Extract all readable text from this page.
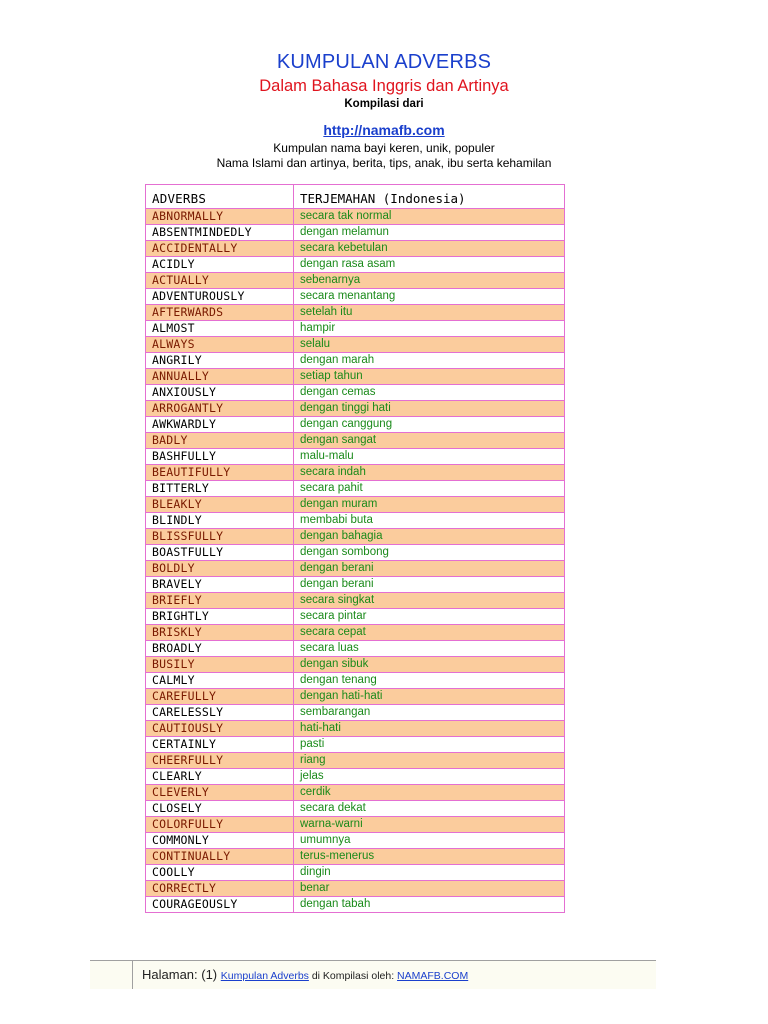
KUMPULAN ADVERBS
Dalam Bahasa Inggris dan Artinya
Kompilasi dari
http://namafb.com
Kumpulan nama bayi keren, unik, populer
Nama Islami dan artinya, berita, tips, anak, ibu serta kehamilan
ADVERBS	TERJEMAHAN (Indonesia)
ABNORMALLY	secara tak normal
ABSENTMINDEDLY	dengan melamun
ACCIDENTALLY	secara kebetulan
ACIDLY	dengan rasa asam
ACTUALLY	sebenarnya
ADVENTUROUSLY	secara menantang
AFTERWARDS	setelah itu
ALMOST	hampir
ALWAYS	selalu
ANGRILY	dengan marah
ANNUALLY	setiap tahun
ANXIOUSLY	dengan cemas
ARROGANTLY	dengan tinggi hati
AWKWARDLY	dengan canggung
BADLY	dengan sangat
BASHFULLY	malu-malu
BEAUTIFULLY	secara indah
BITTERLY	secara pahit
BLEAKLY	dengan muram
BLINDLY	membabi buta
BLISSFULLY	dengan bahagia
BOASTFULLY	dengan sombong
BOLDLY	dengan berani
BRAVELY	dengan berani
BRIEFLY	secara singkat
BRIGHTLY	secara pintar
BRISKLY	secara cepat
BROADLY	secara luas
BUSILY	dengan sibuk
CALMLY	dengan tenang
CAREFULLY	dengan hati-hati
CARELESSLY	sembarangan
CAUTIOUSLY	hati-hati
CERTAINLY	pasti
CHEERFULLY	riang
CLEARLY	jelas
CLEVERLY	cerdik
CLOSELY	secara dekat
COLORFULLY	warna-warni
COMMONLY	umumnya
CONTINUALLY	terus-menerus
COOLLY	dingin
CORRECTLY	benar
COURAGEOUSLY	dengan tabah
Halaman: (1) Kumpulan Adverbs di Kompilasi oleh: NAMAFB.COM
